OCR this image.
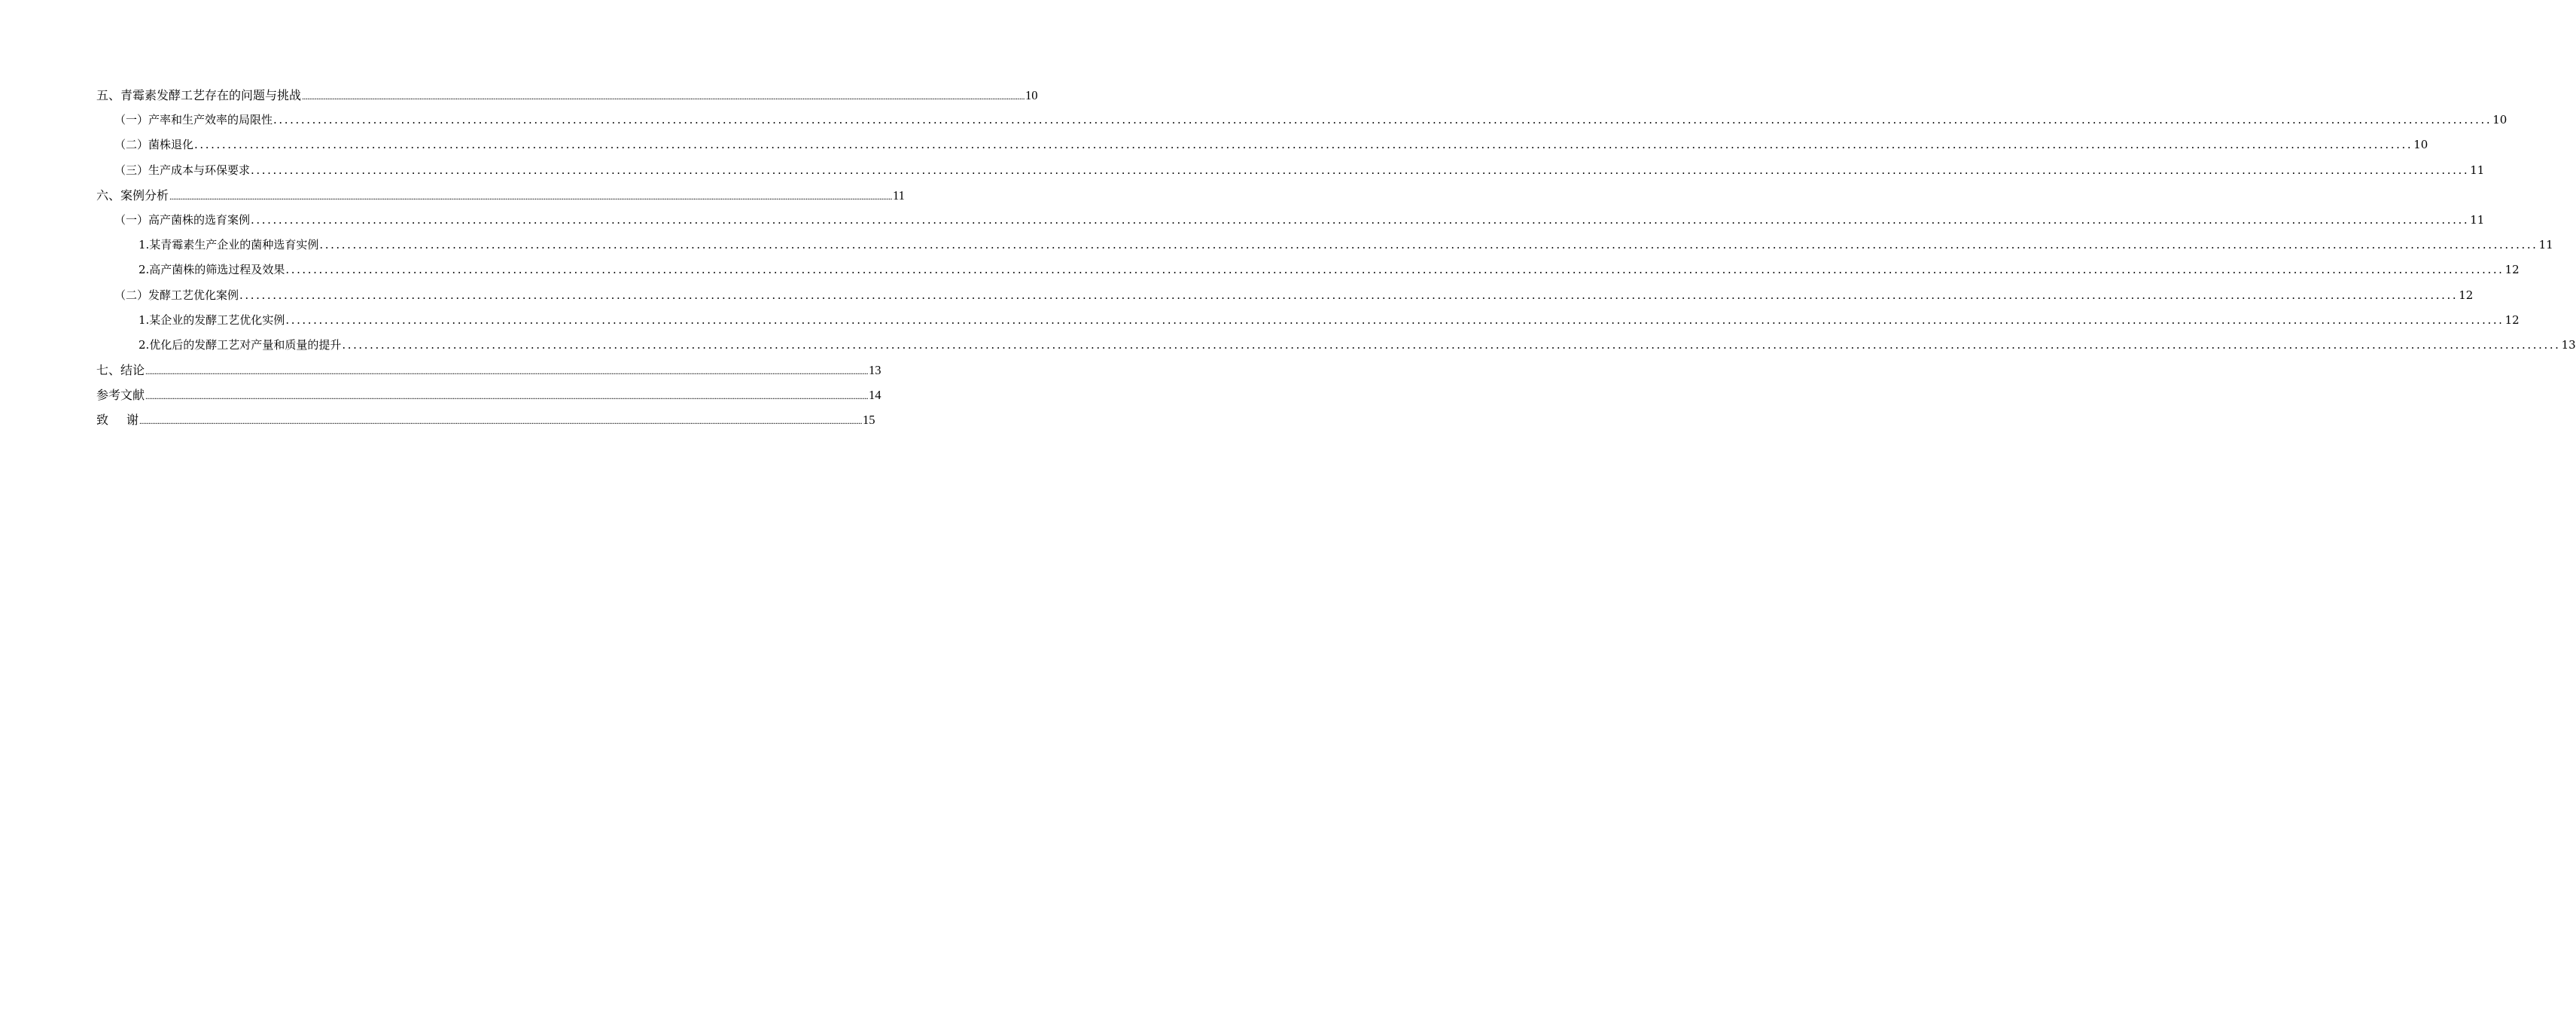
五、青霉素发酵工艺存在的问题与挑战 ................................................................................................................................................................................................................................................................................................................................................................................................................ 10
（一）产率和生产效率的局限性 ................................................................................................................................................................................................................................................................................................................................................................................................................ 10
（二）菌株退化 ................................................................................................................................................................................................................................................................................................................................................................................................................ 10
（三）生产成本与环保要求 ................................................................................................................................................................................................................................................................................................................................................................................................................ 11
六、案例分析 ................................................................................................................................................................................................................................................................................................................................................................................................................ 11
（一）高产菌株的选育案例 ................................................................................................................................................................................................................................................................................................................................................................................................................ 11
1.某青霉素生产企业的菌种选育实例 ................................................................................................................................................................................................................................................................................................................................................................................................................ 11
2.高产菌株的筛选过程及效果 ................................................................................................................................................................................................................................................................................................................................................................................................................ 12
（二）发酵工艺优化案例 ................................................................................................................................................................................................................................................................................................................................................................................................................ 12
1.某企业的发酵工艺优化实例 ................................................................................................................................................................................................................................................................................................................................................................................................................ 12
2.优化后的发酵工艺对产量和质量的提升 ................................................................................................................................................................................................................................................................................................................................................................................................................ 13
七、结论 ................................................................................................................................................................................................................................................................................................................................................................................................................ 13
参考文献 ................................................................................................................................................................................................................................................................................................................................................................................................................ 14
致 谢 ................................................................................................................................................................................................................................................................................................................................................................................................................ 15
